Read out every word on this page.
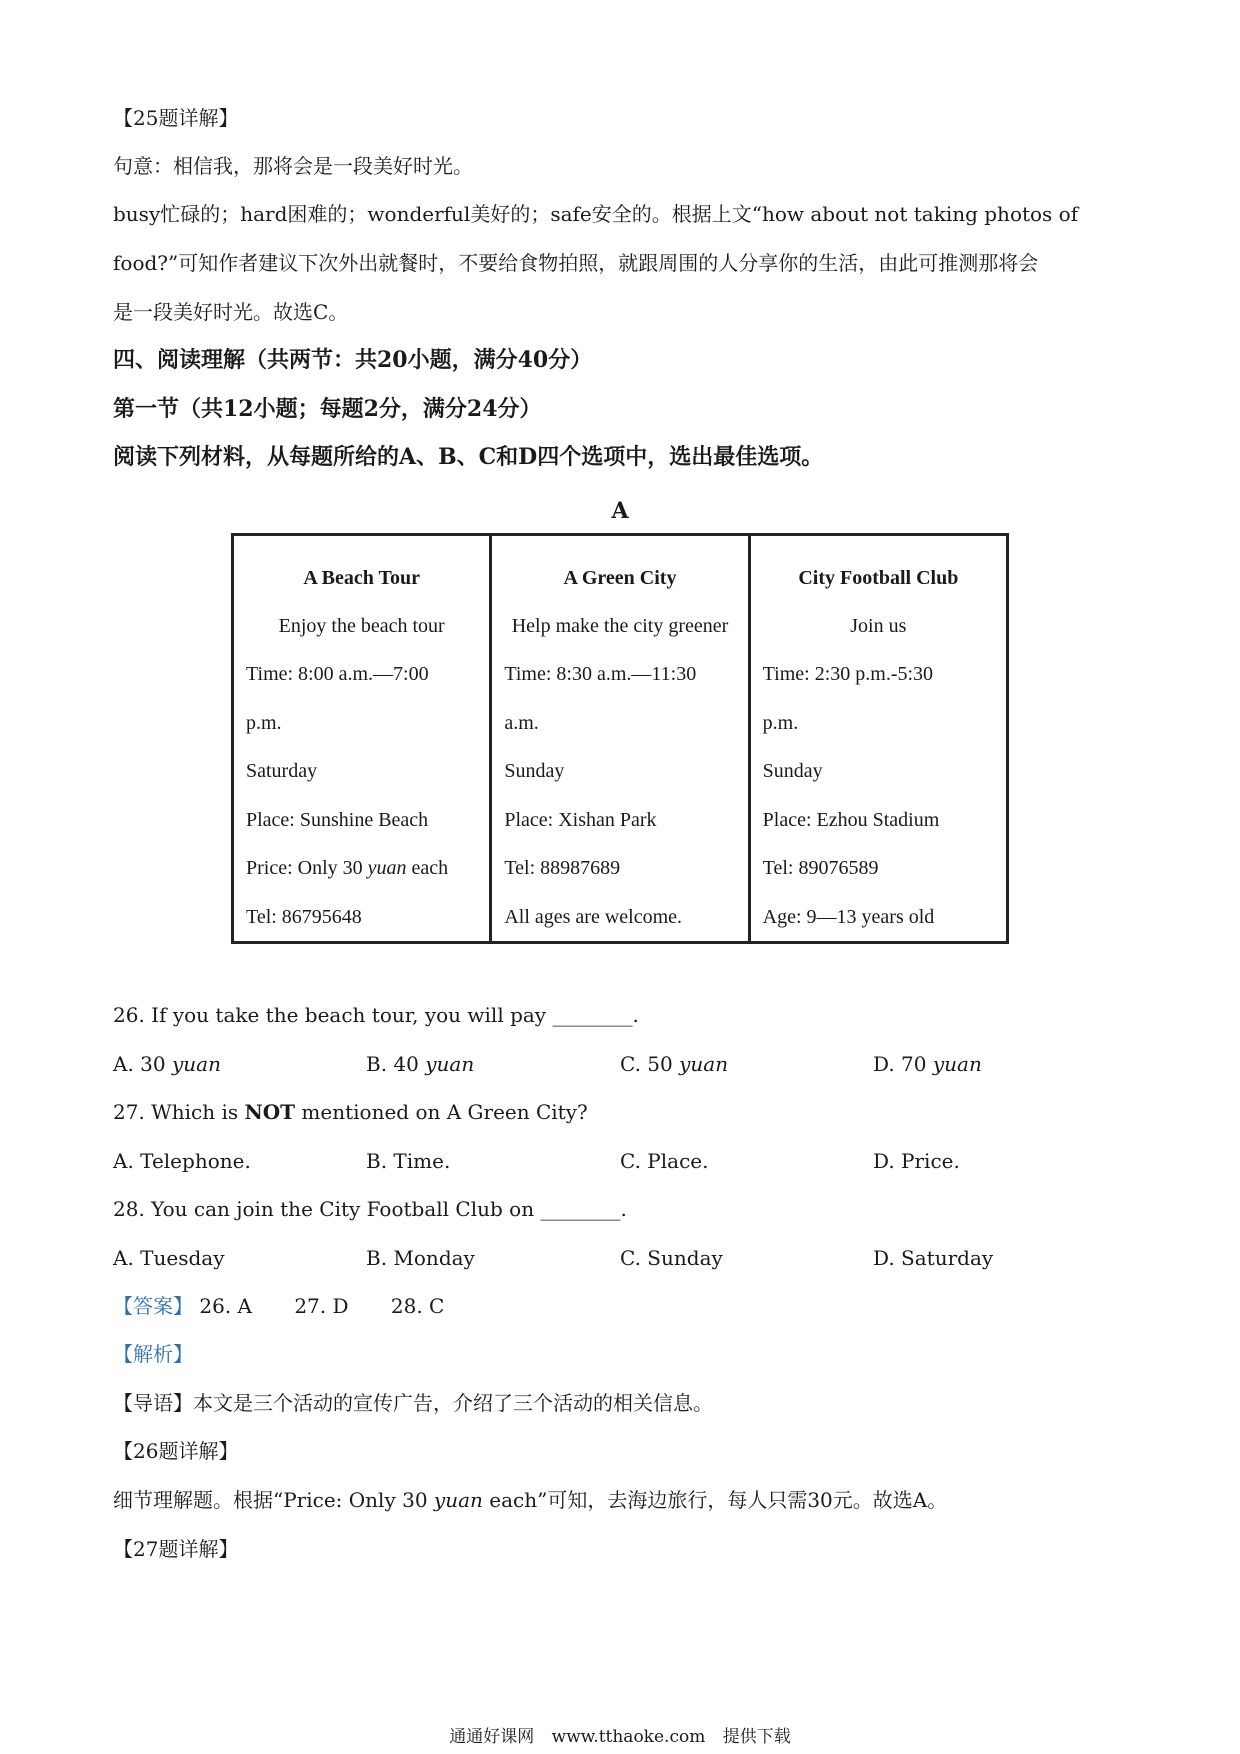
【25题详解】
句意：相信我，那将会是一段美好时光。
busy忙碌的；hard困难的；wonderful美好的；safe安全的。根据上文“how about not taking photos of
food?”可知作者建议下次外出就餐时，不要给食物拍照，就跟周围的人分享你的生活，由此可推测那将会
是一段美好时光。故选C。
四、阅读理解（共两节：共20小题，满分40分）
第一节（共12小题；每题2分，满分24分）
阅读下列材料，从每题所给的A、B、C和D四个选项中，选出最佳选项。
A
A Beach Tour
Enjoy the beach tour
Time: 8:00 a.m.—7:00
p.m.
Saturday
Place: Sunshine Beach
Price: Only 30 yuan each
Tel: 86795648

A Green City
Help make the city greener
Time: 8:30 a.m.—11:30
a.m.
Sunday
Place: Xishan Park
Tel: 88987689
All ages are welcome.

City Football Club
Join us
Time: 2:30 p.m.-5:30
p.m.
Sunday
Place: Ezhou Stadium
Tel: 89076589
Age: 9—13 years old
26. If you take the beach tour, you will pay ________.
A. 30 yuan	B. 40 yuan	C. 50 yuan	D. 70 yuan
27. Which is NOT mentioned on A Green City?
A. Telephone.	B. Time.	C. Place.	D. Price.
28. You can join the City Football Club on ________.
A. Tuesday	B. Monday	C. Sunday	D. Saturday
【答案】 26. A 27. D 28. C
【解析】
【导语】本文是三个活动的宣传广告，介绍了三个活动的相关信息。
【26题详解】
细节理解题。根据“Price: Only 30 yuan each”可知，去海边旅行，每人只需30元。故选A。
【27题详解】
通通好课网 www.tthaoke.com 提供下载
